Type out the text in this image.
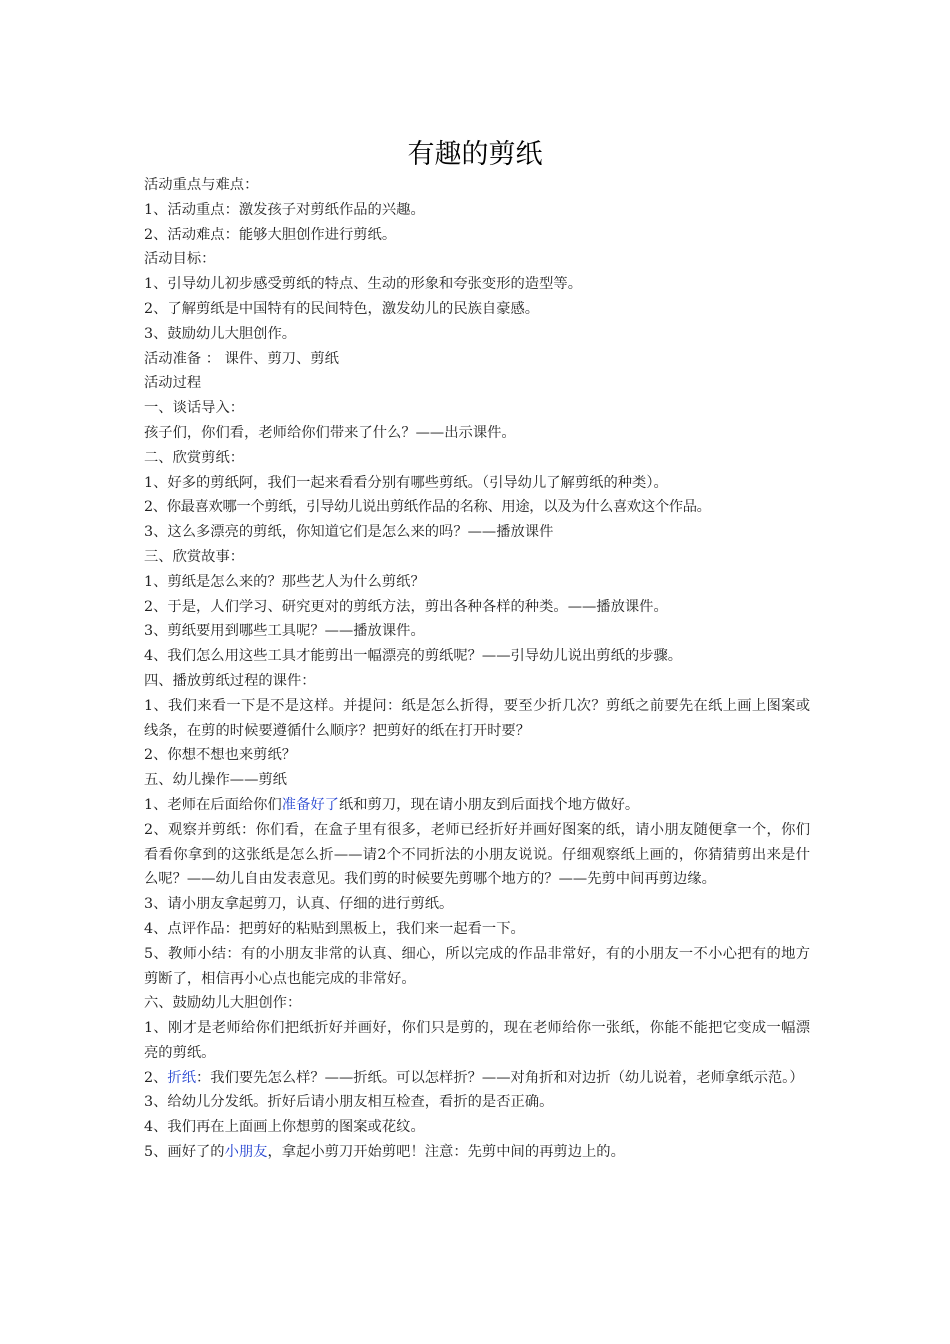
有趣的剪纸
活动重点与难点：
1、活动重点：激发孩子对剪纸作品的兴趣。
2、活动难点：能够大胆创作进行剪纸。
活动目标：
1、引导幼儿初步感受剪纸的特点、生动的形象和夸张变形的造型等。
2、了解剪纸是中国特有的民间特色，激发幼儿的民族自豪感。
3、鼓励幼儿大胆创作。
活动准备 ： 课件、剪刀、剪纸
活动过程
一、谈话导入：
孩子们，你们看，老师给你们带来了什么？——出示课件。
二、欣赏剪纸：
1、好多的剪纸阿，我们一起来看看分别有哪些剪纸。（引导幼儿了解剪纸的种类）。
2、你最喜欢哪一个剪纸，引导幼儿说出剪纸作品的名称、用途，以及为什么喜欢这个作品。
3、这么多漂亮的剪纸，你知道它们是怎么来的吗？——播放课件
三、欣赏故事：
1、剪纸是怎么来的？那些艺人为什么剪纸？
2、于是，人们学习、研究更对的剪纸方法，剪出各种各样的种类。——播放课件。
3、剪纸要用到哪些工具呢？——播放课件。
4、我们怎么用这些工具才能剪出一幅漂亮的剪纸呢？——引导幼儿说出剪纸的步骤。
四、播放剪纸过程的课件：
1、我们来看一下是不是这样。并提问：纸是怎么折得，要至少折几次？剪纸之前要先在纸上画上图案或线条，在剪的时候要遵循什么顺序？把剪好的纸在打开时要？
2、你想不想也来剪纸？
五、幼儿操作——剪纸
1、老师在后面给你们准备好了纸和剪刀，现在请小朋友到后面找个地方做好。
2、观察并剪纸：你们看，在盒子里有很多，老师已经折好并画好图案的纸，请小朋友随便拿一个，你们看看你拿到的这张纸是怎么折——请2个不同折法的小朋友说说。仔细观察纸上画的，你猜猜剪出来是什么呢？——幼儿自由发表意见。我们剪的时候要先剪哪个地方的？——先剪中间再剪边缘。
3、请小朋友拿起剪刀，认真、仔细的进行剪纸。
4、点评作品：把剪好的粘贴到黑板上，我们来一起看一下。
5、教师小结：有的小朋友非常的认真、细心，所以完成的作品非常好，有的小朋友一不小心把有的地方剪断了，相信再小心点也能完成的非常好。
六、鼓励幼儿大胆创作：
1、刚才是老师给你们把纸折好并画好，你们只是剪的，现在老师给你一张纸，你能不能把它变成一幅漂亮的剪纸。
2、折纸：我们要先怎么样？——折纸。可以怎样折？——对角折和对边折（幼儿说着，老师拿纸示范。）
3、给幼儿分发纸。折好后请小朋友相互检查，看折的是否正确。
4、我们再在上面画上你想剪的图案或花纹。
5、画好了的小朋友，拿起小剪刀开始剪吧！注意：先剪中间的再剪边上的。
